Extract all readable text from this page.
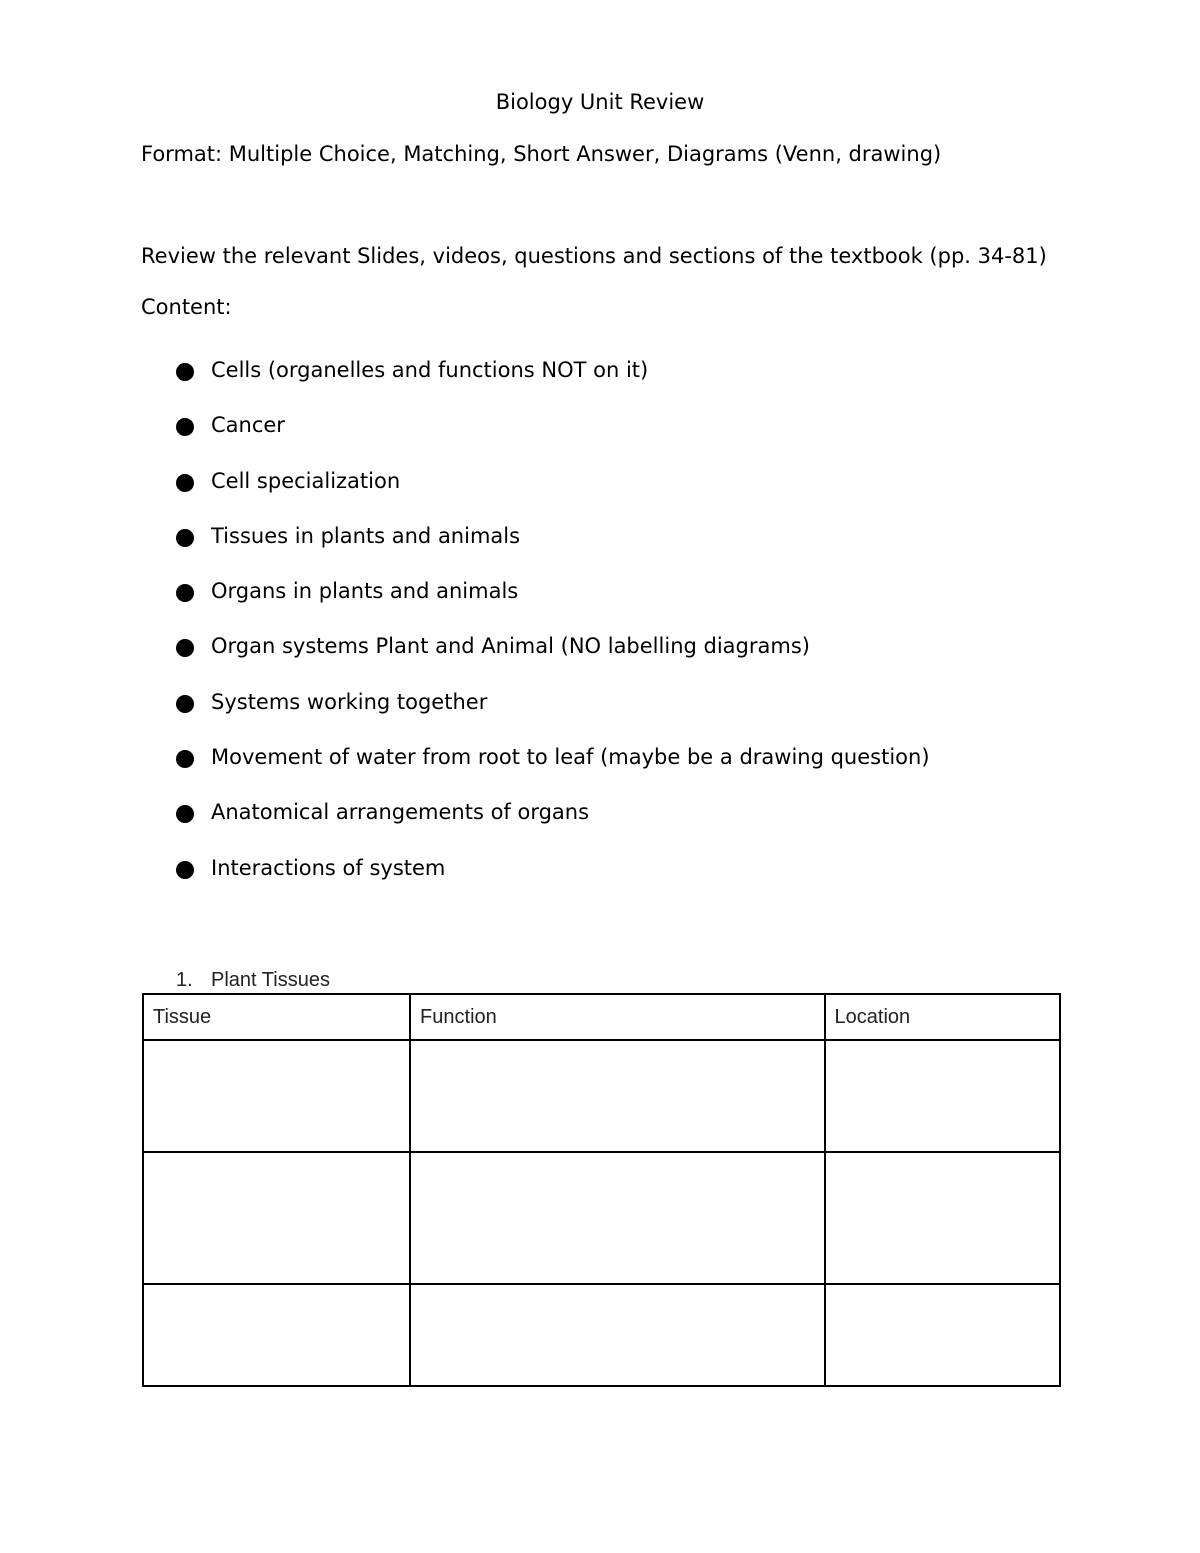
Biology Unit Review
Format: Multiple Choice, Matching, Short Answer, Diagrams (Venn, drawing)
Review the relevant Slides, videos, questions and sections of the textbook (pp. 34-81)
Content:
Cells (organelles and functions NOT on it)
Cancer
Cell specialization
Tissues in plants and animals
Organs in plants and animals
Organ systems Plant and Animal (NO labelling diagrams)
Systems working together
Movement of water from root to leaf (maybe be a drawing question)
Anatomical arrangements of organs
Interactions of system
1. Plant Tissues
Tissue	Function	Location
